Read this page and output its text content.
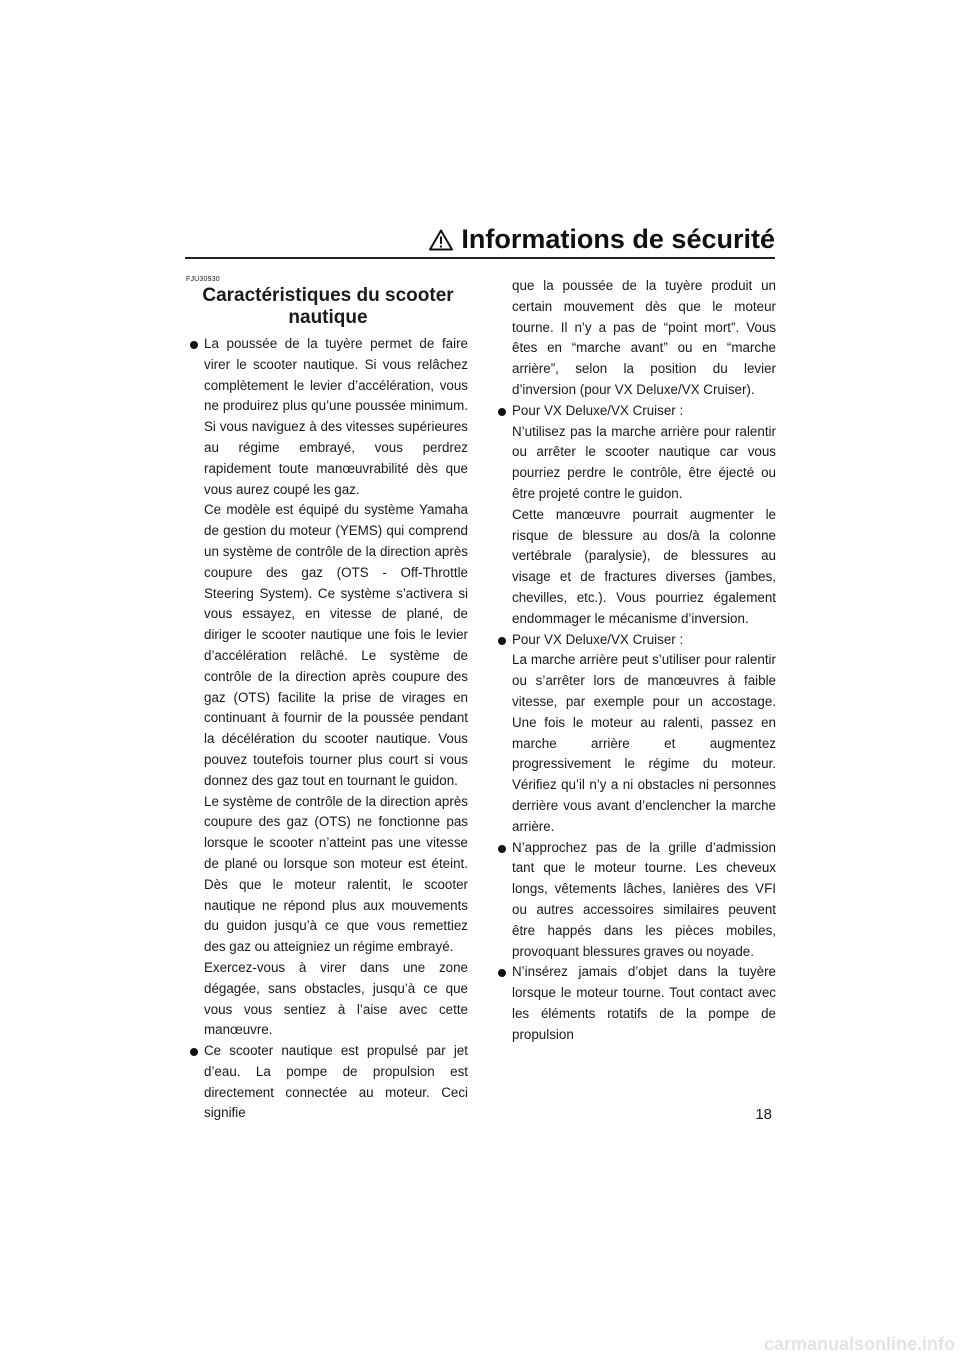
Informations de sécurité
FJU30930
Caractéristiques du scooter nautique

La poussée de la tuyère permet de faire virer le scooter nautique. Si vous relâchez complètement le levier d’accélération, vous ne produirez plus qu’une poussée minimum. Si vous naviguez à des vitesses supérieures au régime embrayé, vous perdrez rapidement toute manœuvrabilité dès que vous aurez coupé les gaz.

Ce modèle est équipé du système Yamaha de gestion du moteur (YEMS) qui comprend un système de contrôle de la direction après coupure des gaz (OTS - Off-Throttle Steering System). Ce système s’activera si vous essayez, en vitesse de plané, de diriger le scooter nautique une fois le levier d’accélération relâché. Le système de contrôle de la direction après coupure des gaz (OTS) facilite la prise de virages en continuant à fournir de la poussée pendant la décélération du scooter nautique. Vous pouvez toutefois tourner plus court si vous donnez des gaz tout en tournant le guidon.

Le système de contrôle de la direction après coupure des gaz (OTS) ne fonctionne pas lorsque le scooter n’atteint pas une vitesse de plané ou lorsque son moteur est éteint. Dès que le moteur ralentit, le scooter nautique ne répond plus aux mouvements du guidon jusqu’à ce que vous remettiez des gaz ou atteigniez un régime embrayé.

Exercez-vous à virer dans une zone dégagée, sans obstacles, jusqu’à ce que vous vous sentiez à l’aise avec cette manœuvre.

Ce scooter nautique est propulsé par jet d’eau. La pompe de propulsion est directement connectée au moteur. Ceci signifie

que la poussée de la tuyère produit un certain mouvement dès que le moteur tourne. Il n’y a pas de “point mort”. Vous êtes en “marche avant” ou en “marche arrière”, selon la position du levier d’inversion (pour VX Deluxe/VX Cruiser).

Pour VX Deluxe/VX Cruiser :

N’utilisez pas la marche arrière pour ralentir ou arrêter le scooter nautique car vous pourriez perdre le contrôle, être éjecté ou être projeté contre le guidon.

Cette manœuvre pourrait augmenter le risque de blessure au dos/à la colonne vertébrale (paralysie), de blessures au visage et de fractures diverses (jambes, chevilles, etc.). Vous pourriez également endommager le mécanisme d’inversion.

Pour VX Deluxe/VX Cruiser :

La marche arrière peut s’utiliser pour ralentir ou s’arrêter lors de manœuvres à faible vitesse, par exemple pour un accostage. Une fois le moteur au ralenti, passez en marche arrière et augmentez progressivement le régime du moteur. Vérifiez qu’il n’y a ni obstacles ni personnes derrière vous avant d’enclencher la marche arrière.

N’approchez pas de la grille d’admission tant que le moteur tourne. Les cheveux longs, vêtements lâches, lanières des VFI ou autres accessoires similaires peuvent être happés dans les pièces mobiles, provoquant blessures graves ou noyade.

N’insérez jamais d’objet dans la tuyère lorsque le moteur tourne. Tout contact avec les éléments rotatifs de la pompe de propulsion

18
carmanualsonline.info
